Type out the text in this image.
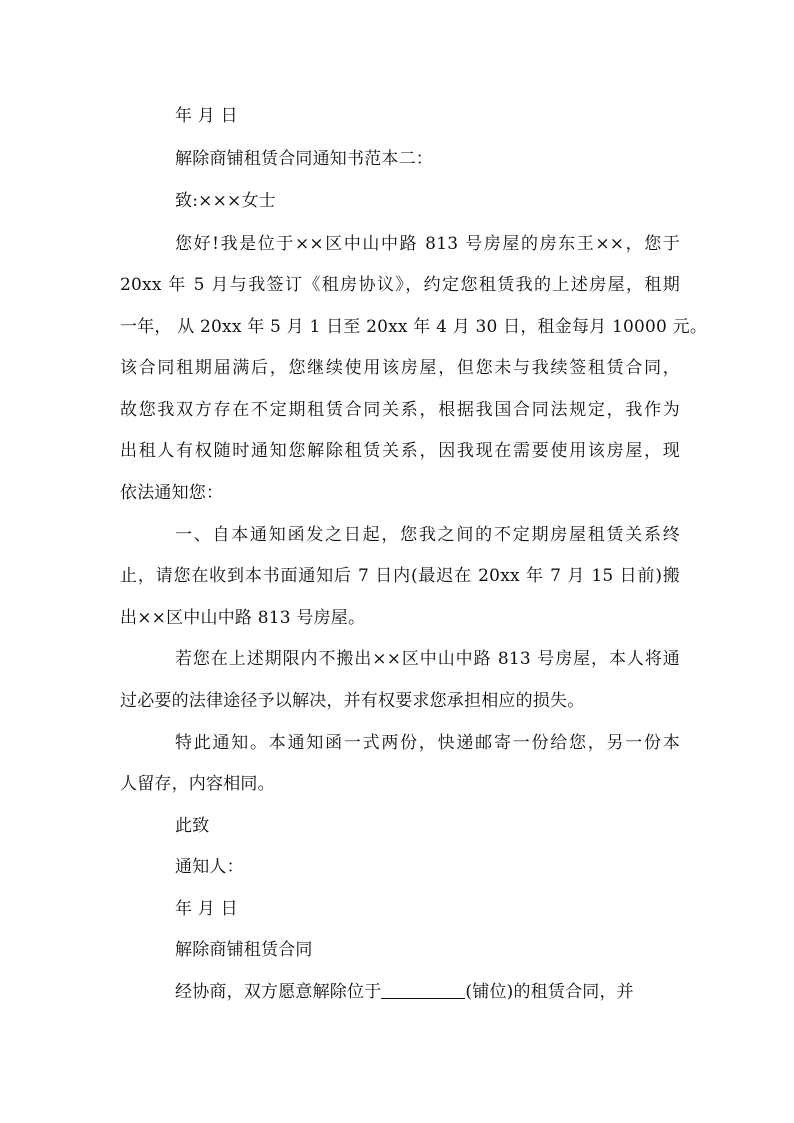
年 月 日
解除商铺租赁合同通知书范本二：
致:×××女士
您好!我是位于××区中山中路 813 号房屋的房东王××，您于
20xx 年 5 月与我签订《租房协议》，约定您租赁我的上述房屋，租期
一年， 从 20xx 年 5 月 1 日至 20xx 年 4 月 30 日，租金每月 10000 元。
该合同租期届满后，您继续使用该房屋，但您未与我续签租赁合同，
故您我双方存在不定期租赁合同关系，根据我国合同法规定，我作为
出租人有权随时通知您解除租赁关系，因我现在需要使用该房屋，现
依法通知您：
一、自本通知函发之日起，您我之间的不定期房屋租赁关系终
止，请您在收到本书面通知后 7 日内(最迟在 20xx 年 7 月 15 日前)搬
出××区中山中路 813 号房屋。
若您在上述期限内不搬出××区中山中路 813 号房屋，本人将通
过必要的法律途径予以解决，并有权要求您承担相应的损失。
特此通知。本通知函一式两份，快递邮寄一份给您，另一份本
人留存，内容相同。
此致
通知人：
年 月 日
解除商铺租赁合同
经协商，双方愿意解除位于	(铺位)的租赁合同，并
